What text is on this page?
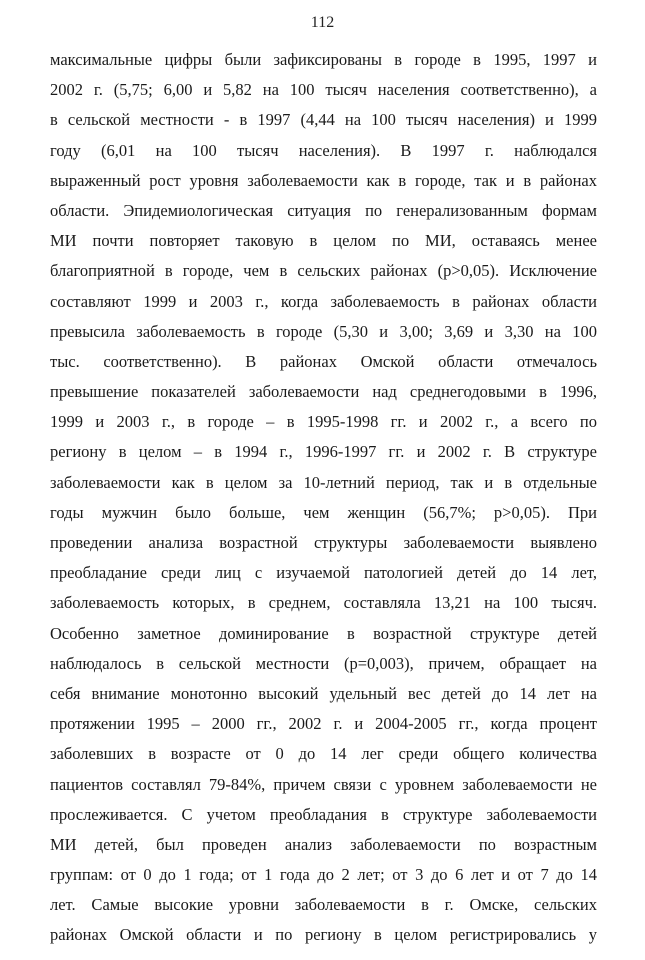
112
максимальные цифры были зафиксированы в городе в 1995, 1997 и
2002 г. (5,75; 6,00 и 5,82 на 100 тысяч населения соответственно), а
в сельской местности - в 1997 (4,44 на 100 тысяч населения) и 1999
году (6,01 на 100 тысяч населения). В 1997 г. наблюдался
выраженный рост уровня заболеваемости как в городе, так и в районах
области. Эпидемиологическая ситуация по генерализованным формам
МИ почти повторяет таковую в целом по МИ, оставаясь менее
благоприятной в городе, чем в сельских районах (р>0,05). Исключение
составляют 1999 и 2003 г., когда заболеваемость в районах области
превысила заболеваемость в городе (5,30 и 3,00; 3,69 и 3,30 на 100
тыс. соответственно). В районах Омской области отмечалось
превышение показателей заболеваемости над среднегодовыми в 1996,
1999 и 2003 г., в городе – в 1995-1998 гг. и 2002 г., а всего по
региону в целом – в 1994 г., 1996-1997 гг. и 2002 г. В структуре
заболеваемости как в целом за 10-летний период, так и в отдельные
годы мужчин было больше, чем женщин (56,7%; р>0,05). При
проведении анализа возрастной структуры заболеваемости выявлено
преобладание среди лиц с изучаемой патологией детей до 14 лет,
заболеваемость которых, в среднем, составляла 13,21 на 100 тысяч.
Особенно заметное доминирование в возрастной структуре детей
наблюдалось в сельской местности (р=0,003), причем, обращает на
себя внимание монотонно высокий удельный вес детей до 14 лет на
протяжении 1995 – 2000 гг., 2002 г. и 2004-2005 гг., когда процент
заболевших в возрасте от 0 до 14 лег среди общего количества
пациентов составлял 79-84%, причем связи с уровнем заболеваемости не
прослеживается. С учетом преобладания в структуре заболеваемости
МИ детей, был проведен анализ заболеваемости по возрастным
группам: от 0 до 1 года; от 1 года до 2 лет; от 3 до 6 лет и от 7 до 14
лет. Самые высокие уровни заболеваемости в г. Омске, сельских
районах Омской области и по региону в целом регистрировались у
